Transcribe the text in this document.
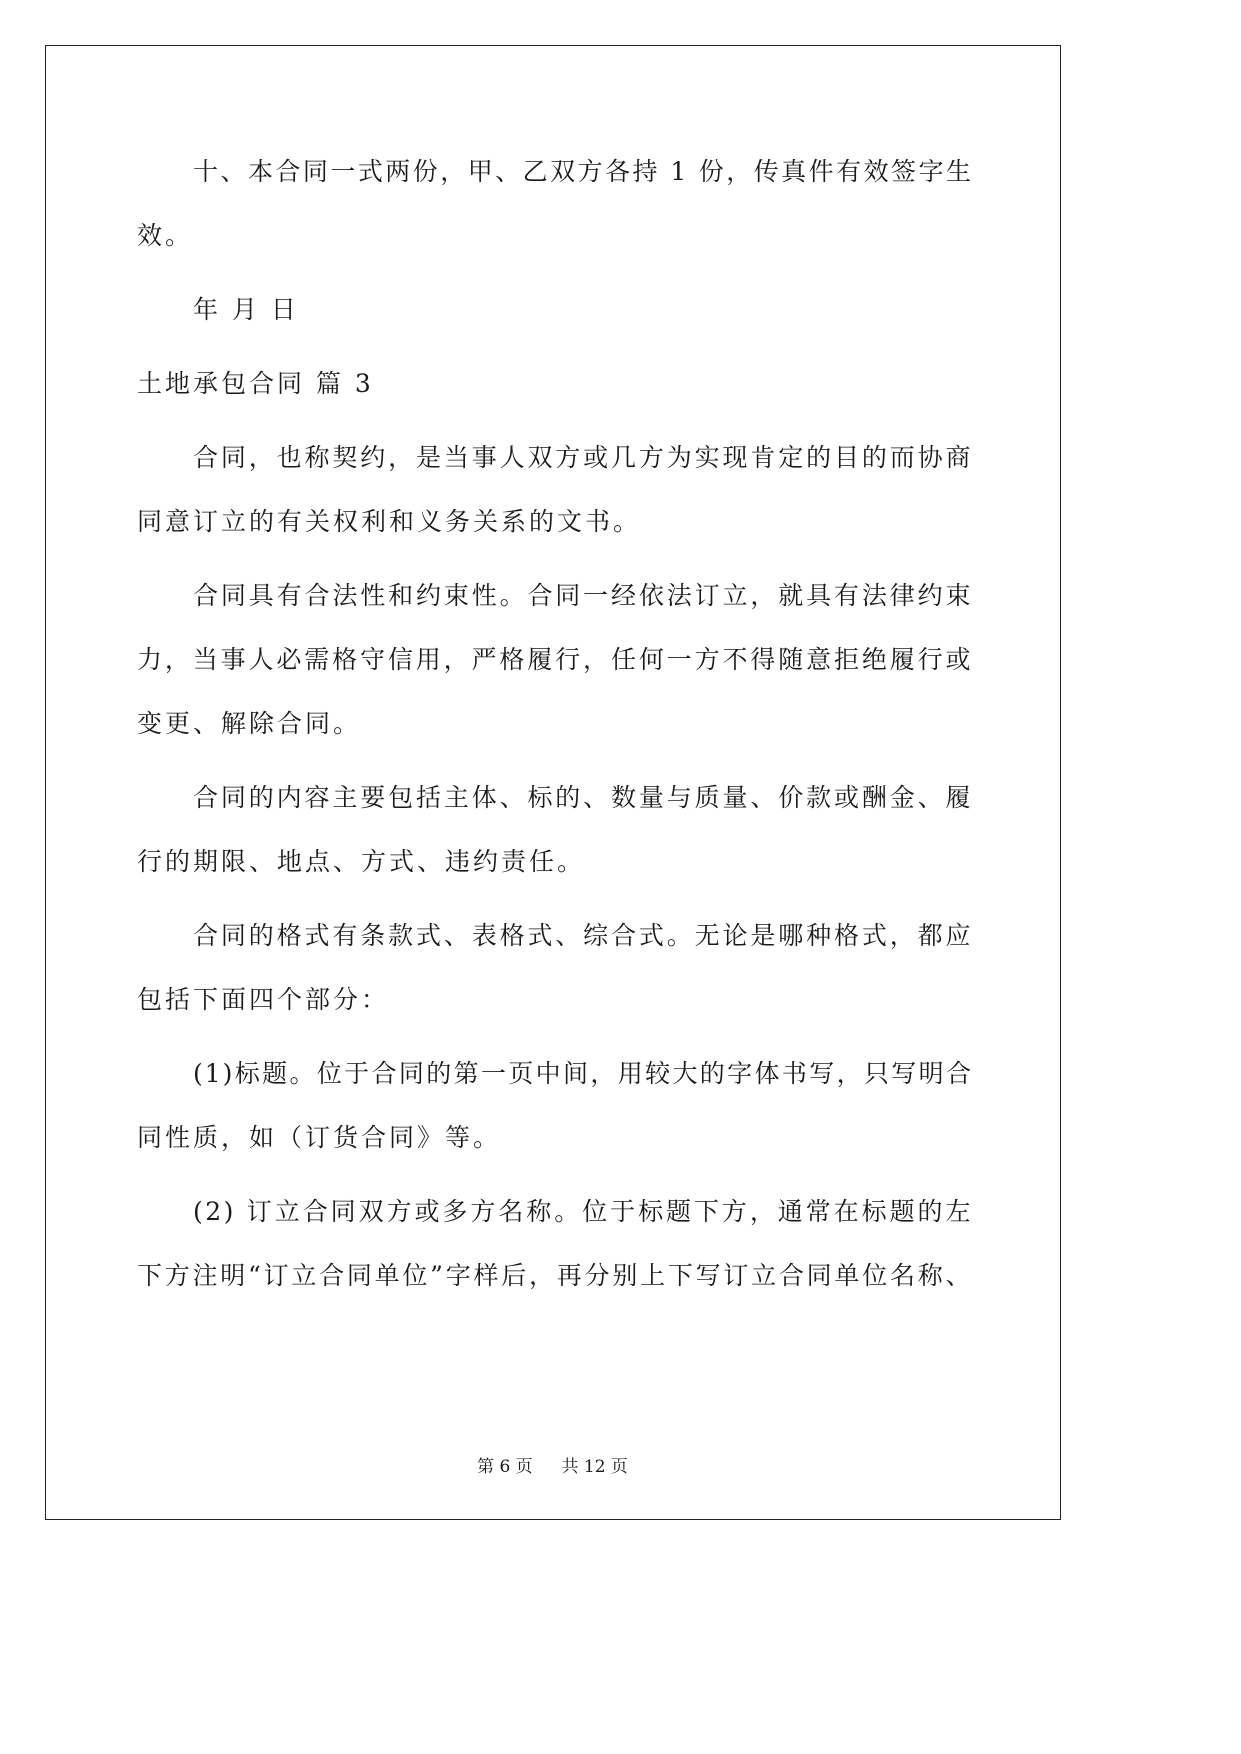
十、本合同一式两份，甲、乙双方各持 1 份，传真件有效签字生
效。
年 月 日
土地承包合同 篇 3
合同，也称契约，是当事人双方或几方为实现肯定的目的而协商
同意订立的有关权利和义务关系的文书。
合同具有合法性和约束性。合同一经依法订立，就具有法律约束
力，当事人必需格守信用，严格履行，任何一方不得随意拒绝履行或
变更、解除合同。
合同的内容主要包括主体、标的、数量与质量、价款或酬金、履
行的期限、地点、方式、违约责任。
合同的格式有条款式、表格式、综合式。无论是哪种格式，都应
包括下面四个部分：
(1)标题。位于合同的第一页中间，用较大的字体书写，只写明合
同性质，如（订货合同》等。
(2) 订立合同双方或多方名称。位于标题下方，通常在标题的左
下方注明“订立合同单位”字样后，再分别上下写订立合同单位名称、
第 6 页 共 12 页
